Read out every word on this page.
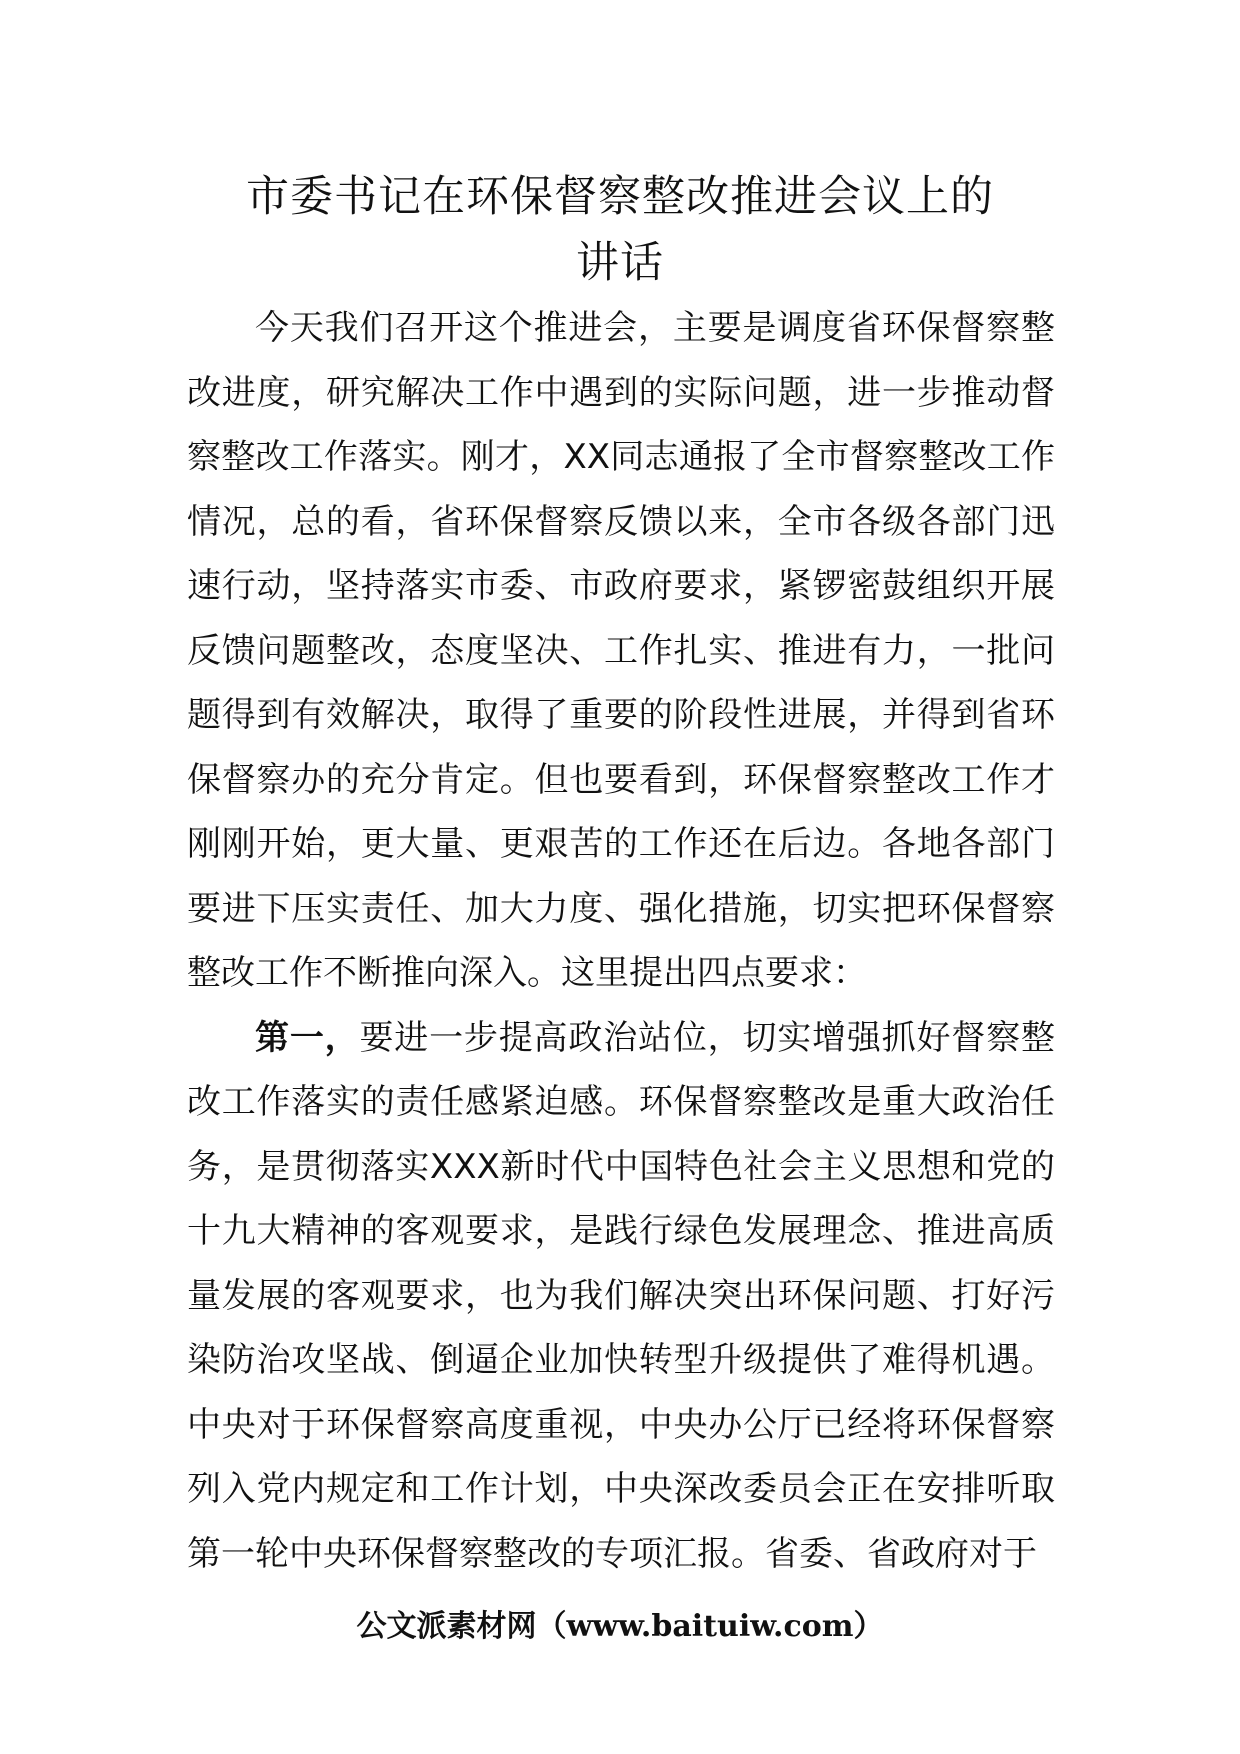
市委书记在环保督察整改推进会议上的
讲话

今天我们召开这个推进会，主要是调度省环保督察整改进度，研究解决工作中遇到的实际问题，进一步推动督察整改工作落实。刚才，XX同志通报了全市督察整改工作情况，总的看，省环保督察反馈以来，全市各级各部门迅速行动，坚持落实市委、市政府要求，紧锣密鼓组织开展反馈问题整改，态度坚决、工作扎实、推进有力，一批问题得到有效解决，取得了重要的阶段性进展，并得到省环保督察办的充分肯定。但也要看到，环保督察整改工作才刚刚开始，更大量、更艰苦的工作还在后边。各地各部门要进下压实责任、加大力度、强化措施，切实把环保督察整改工作不断推向深入。这里提出四点要求：

第一，要进一步提高政治站位，切实增强抓好督察整改工作落实的责任感紧迫感。环保督察整改是重大政治任务，是贯彻落实XXX新时代中国特色社会主义思想和党的十九大精神的客观要求，是践行绿色发展理念、推进高质量发展的客观要求，也为我们解决突出环保问题、打好污染防治攻坚战、倒逼企业加快转型升级提供了难得机遇。中央对于环保督察高度重视，中央办公厅已经将环保督察列入党内规定和工作计划，中央深改委员会正在安排听取第一轮中央环保督察整改的专项汇报。省委、省政府对于

公文派素材网（www.baituiw.com）
